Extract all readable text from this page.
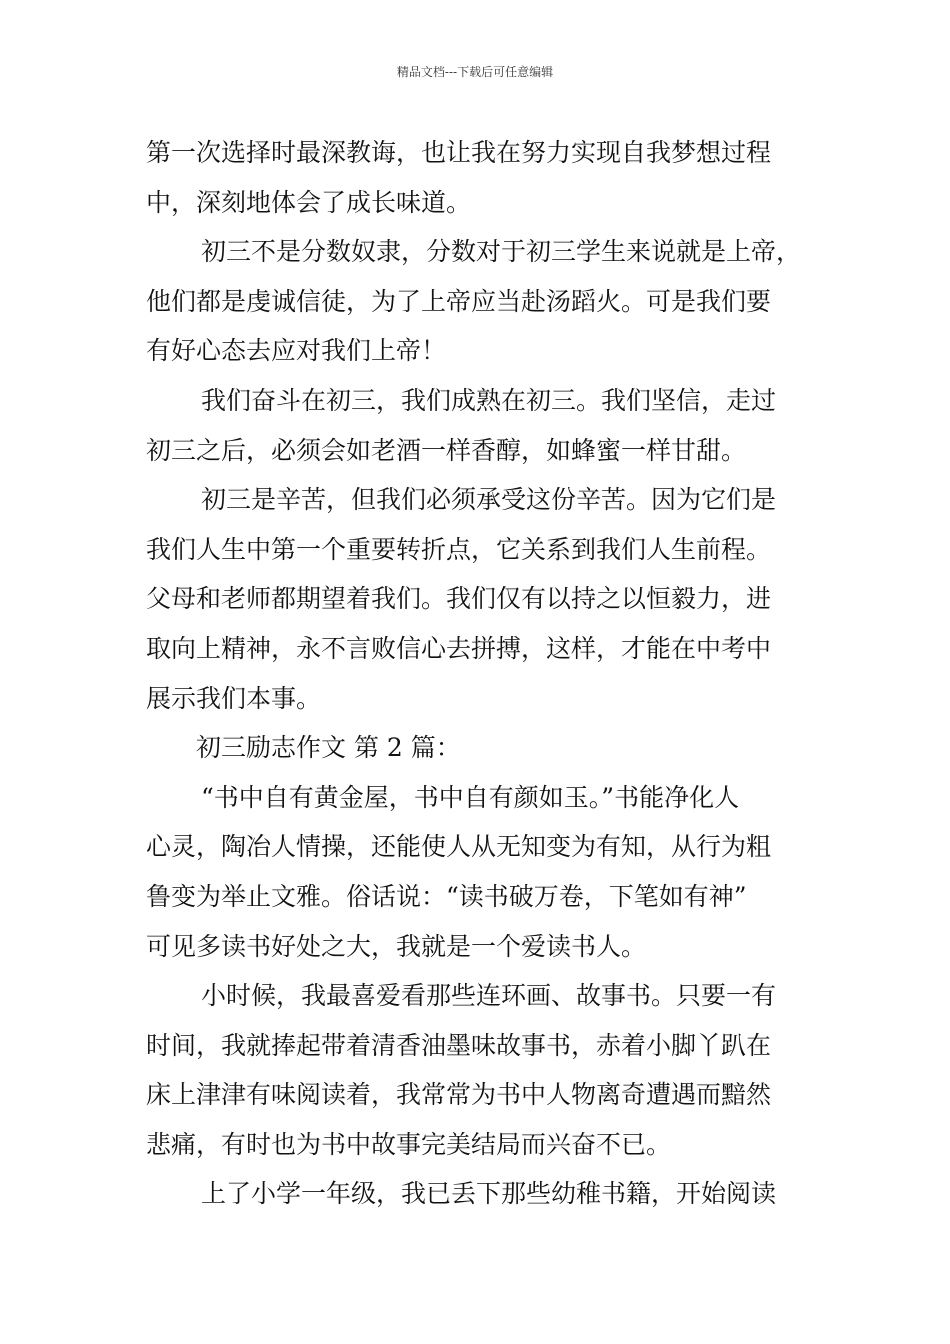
精品文档---下载后可任意编辑
第一次选择时最深教诲，也让我在努力实现自我梦想过程
中，深刻地体会了成长味道。
初三不是分数奴隶，分数对于初三学生来说就是上帝，
他们都是虔诚信徒，为了上帝应当赴汤蹈火。可是我们要
有好心态去应对我们上帝！
我们奋斗在初三，我们成熟在初三。我们坚信，走过
初三之后，必须会如老酒一样香醇，如蜂蜜一样甘甜。
初三是辛苦，但我们必须承受这份辛苦。因为它们是
我们人生中第一个重要转折点，它关系到我们人生前程。
父母和老师都期望着我们。我们仅有以持之以恒毅力，进
取向上精神，永不言败信心去拼搏，这样，才能在中考中
展示我们本事。
初三励志作文 第 2 篇：
“书中自有黄金屋，书中自有颜如玉。”书能净化人
心灵，陶冶人情操，还能使人从无知变为有知，从行为粗
鲁变为举止文雅。俗话说：“读书破万卷，下笔如有神”
可见多读书好处之大，我就是一个爱读书人。
小时候，我最喜爱看那些连环画、故事书。只要一有
时间，我就捧起带着清香油墨味故事书，赤着小脚丫趴在
床上津津有味阅读着，我常常为书中人物离奇遭遇而黯然
悲痛，有时也为书中故事完美结局而兴奋不已。
上了小学一年级，我已丢下那些幼稚书籍，开始阅读
